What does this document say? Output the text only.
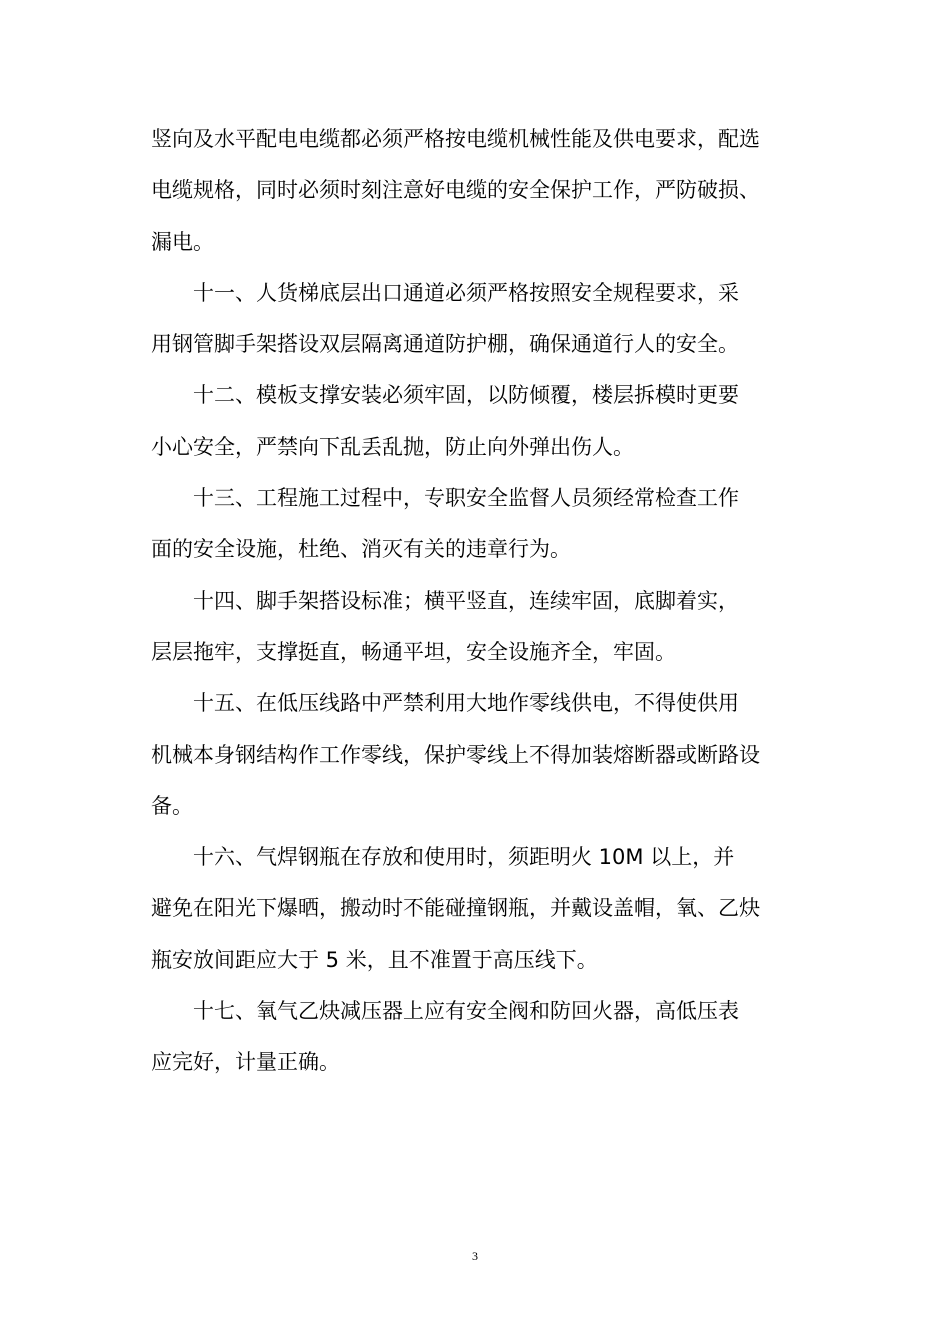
竖向及水平配电电缆都必须严格按电缆机械性能及供电要求，配选
电缆规格，同时必须时刻注意好电缆的安全保护工作，严防破损、
漏电。
十一、人货梯底层出口通道必须严格按照安全规程要求，采
用钢管脚手架搭设双层隔离通道防护棚，确保通道行人的安全。
十二、模板支撑安装必须牢固，以防倾覆，楼层拆模时更要
小心安全，严禁向下乱丢乱抛，防止向外弹出伤人。
十三、工程施工过程中，专职安全监督人员须经常检查工作
面的安全设施，杜绝、消灭有关的违章行为。
十四、脚手架搭设标准；横平竖直，连续牢固，底脚着实，
层层拖牢，支撑挺直，畅通平坦，安全设施齐全，牢固。
十五、在低压线路中严禁利用大地作零线供电，不得使供用
机械本身钢结构作工作零线，保护零线上不得加装熔断器或断路设
备。
十六、气焊钢瓶在存放和使用时，须距明火 10M 以上，并
避免在阳光下爆晒，搬动时不能碰撞钢瓶，并戴设盖帽，氧、乙炔
瓶安放间距应大于 5 米，且不准置于高压线下。
十七、氧气乙炔减压器上应有安全阀和防回火器，高低压表
应完好，计量正确。
3
